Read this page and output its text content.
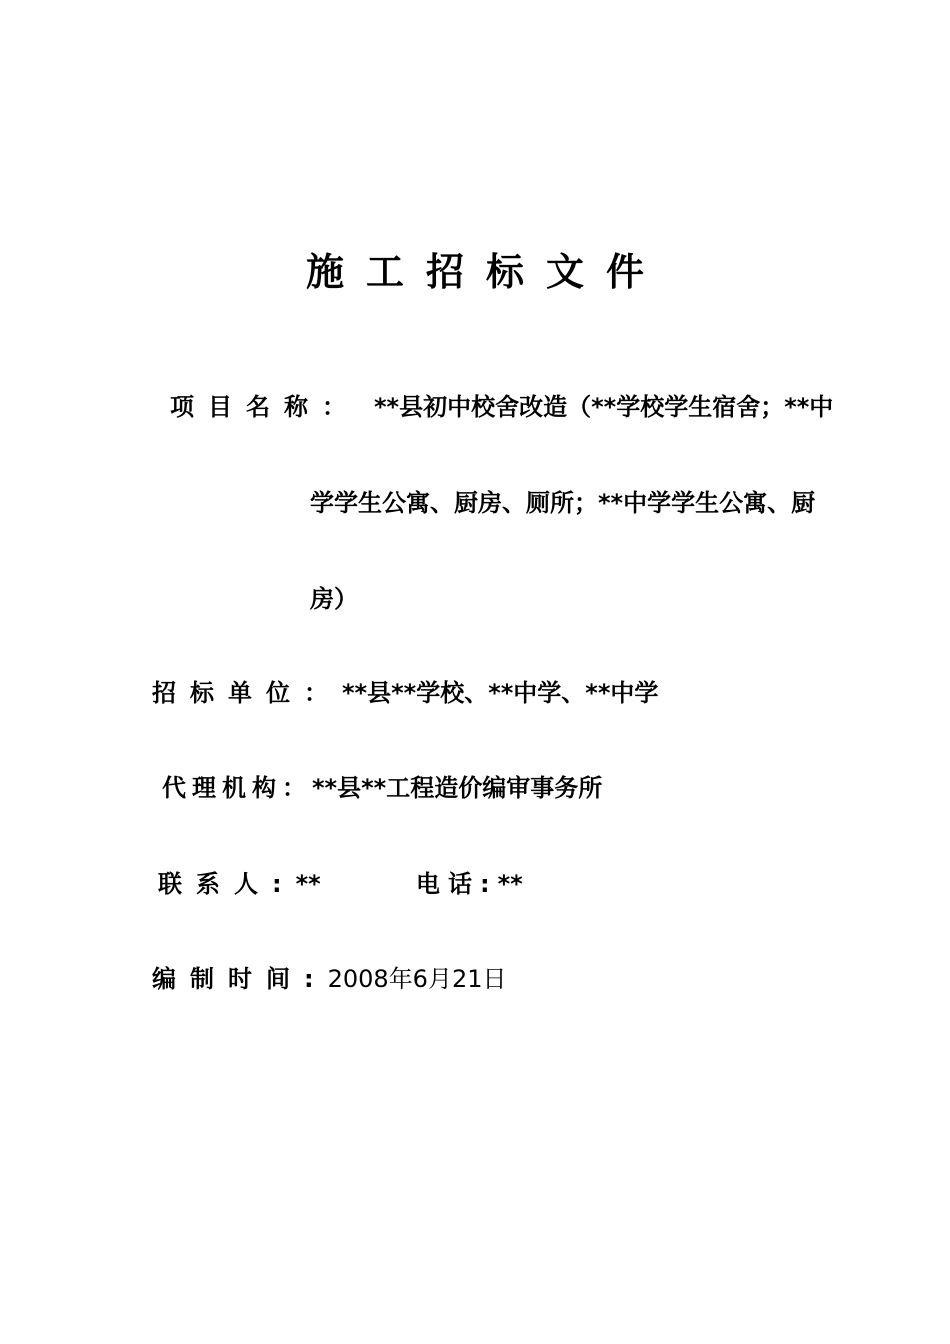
施工招标文件
项目名称： **县初中校舍改造（**学校学生宿舍；**中
学学生公寓、厨房、厕所；**中学学生公寓、厨
房）
招标单位：**县**学校、**中学、**中学
代理机构：**县**工程造价编审事务所
联系人:**	电话:**
编制时间:2008年6月21日
